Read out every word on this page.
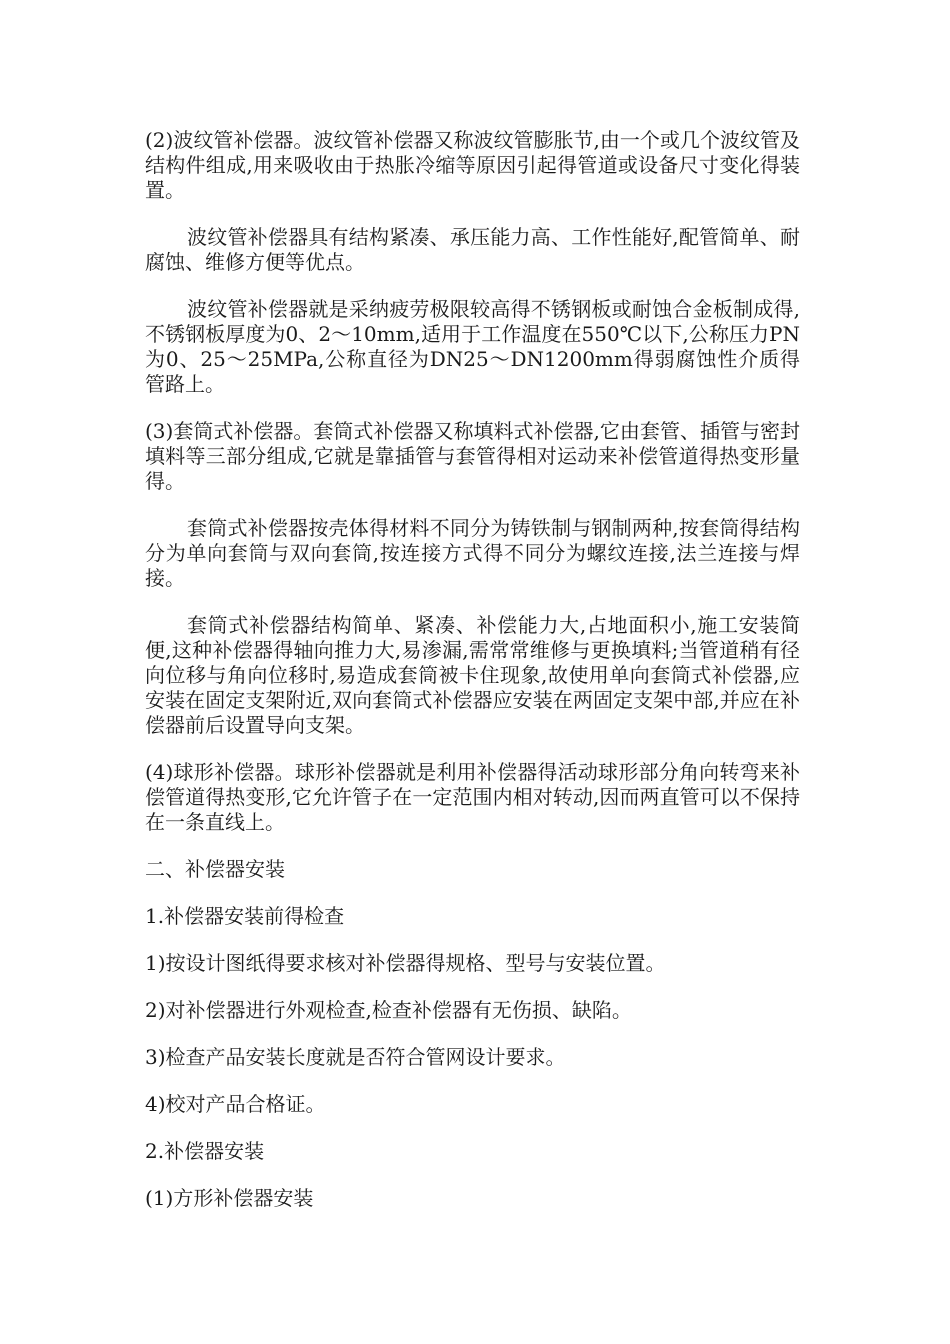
(2)波纹管补偿器。波纹管补偿器又称波纹管膨胀节,由一个或几个波纹管及结构件组成,用来吸收由于热胀冷缩等原因引起得管道或设备尺寸变化得装置。

波纹管补偿器具有结构紧凑、承压能力高、工作性能好,配管简单、耐腐蚀、维修方便等优点。

波纹管补偿器就是采纳疲劳极限较高得不锈钢板或耐蚀合金板制成得,不锈钢板厚度为0、2～10mm,适用于工作温度在550℃以下,公称压力PN为0、25～25MPa,公称直径为DN25～DN1200mm得弱腐蚀性介质得管路上。

(3)套筒式补偿器。套筒式补偿器又称填料式补偿器,它由套管、插管与密封填料等三部分组成,它就是靠插管与套管得相对运动来补偿管道得热变形量得。

套筒式补偿器按壳体得材料不同分为铸铁制与钢制两种,按套筒得结构分为单向套筒与双向套筒,按连接方式得不同分为螺纹连接,法兰连接与焊接。

套筒式补偿器结构简单、紧凑、补偿能力大,占地面积小,施工安装简便,这种补偿器得轴向推力大,易渗漏,需常常维修与更换填料;当管道稍有径向位移与角向位移时,易造成套筒被卡住现象,故使用单向套筒式补偿器,应安装在固定支架附近,双向套筒式补偿器应安装在两固定支架中部,并应在补偿器前后设置导向支架。

(4)球形补偿器。球形补偿器就是利用补偿器得活动球形部分角向转弯来补偿管道得热变形,它允许管子在一定范围内相对转动,因而两直管可以不保持在一条直线上。

二、补偿器安装
1.补偿器安装前得检查
1)按设计图纸得要求核对补偿器得规格、型号与安装位置。
2)对补偿器进行外观检查,检查补偿器有无伤损、缺陷。
3)检查产品安装长度就是否符合管网设计要求。
4)校对产品合格证。
2.补偿器安装
(1)方形补偿器安装
